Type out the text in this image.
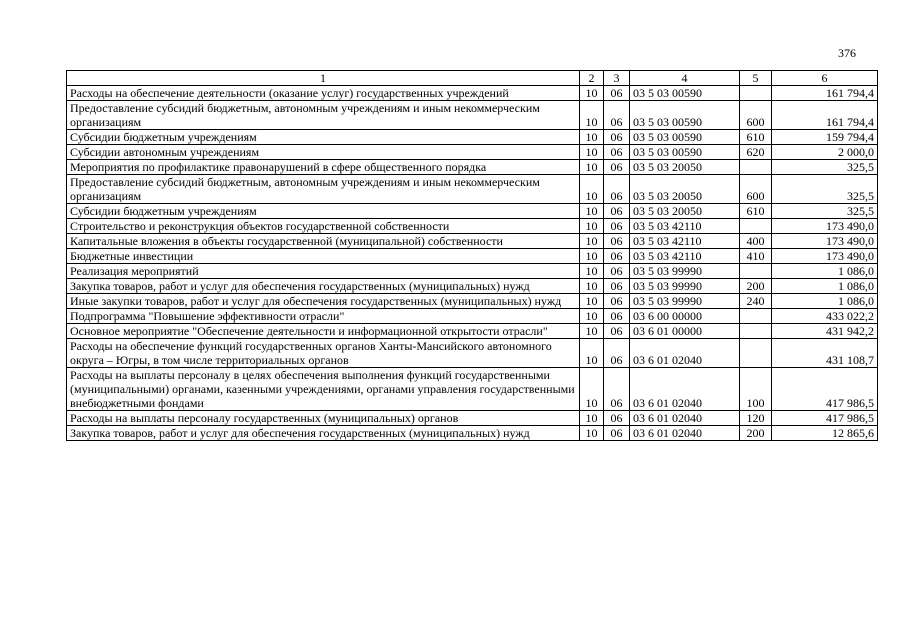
376
1	2	3	4	5	6
Расходы на обеспечение деятельности (оказание услуг) государственных учреждений	10	06	03 5 03 00590		161 794,4
Предоставление субсидий бюджетным, автономным учреждениям и иным некоммерческим организациям	10	06	03 5 03 00590	600	161 794,4
Субсидии бюджетным учреждениям	10	06	03 5 03 00590	610	159 794,4
Субсидии автономным учреждениям	10	06	03 5 03 00590	620	2 000,0
Мероприятия по профилактике правонарушений в сфере общественного порядка	10	06	03 5 03 20050		325,5
Предоставление субсидий бюджетным, автономным учреждениям и иным некоммерческим организациям	10	06	03 5 03 20050	600	325,5
Субсидии бюджетным учреждениям	10	06	03 5 03 20050	610	325,5
Строительство и реконструкция объектов государственной собственности	10	06	03 5 03 42110		173 490,0
Капитальные вложения в объекты государственной (муниципальной) собственности	10	06	03 5 03 42110	400	173 490,0
Бюджетные инвестиции	10	06	03 5 03 42110	410	173 490,0
Реализация мероприятий	10	06	03 5 03 99990		1 086,0
Закупка товаров, работ и услуг для обеспечения государственных (муниципальных) нужд	10	06	03 5 03 99990	200	1 086,0
Иные закупки товаров, работ и услуг для обеспечения государственных (муниципальных) нужд	10	06	03 5 03 99990	240	1 086,0
Подпрограмма "Повышение эффективности отрасли"	10	06	03 6 00 00000		433 022,2
Основное мероприятие "Обеспечение деятельности и информационной открытости отрасли"	10	06	03 6 01 00000		431 942,2
Расходы на обеспечение функций государственных органов Ханты-Мансийского автономного округа – Югры, в том числе территориальных органов	10	06	03 6 01 02040		431 108,7
Расходы на выплаты персоналу в целях обеспечения выполнения функций государственными (муниципальными) органами, казенными учреждениями, органами управления государственными внебюджетными фондами	10	06	03 6 01 02040	100	417 986,5
Расходы на выплаты персоналу государственных (муниципальных) органов	10	06	03 6 01 02040	120	417 986,5
Закупка товаров, работ и услуг для обеспечения государственных (муниципальных) нужд	10	06	03 6 01 02040	200	12 865,6
